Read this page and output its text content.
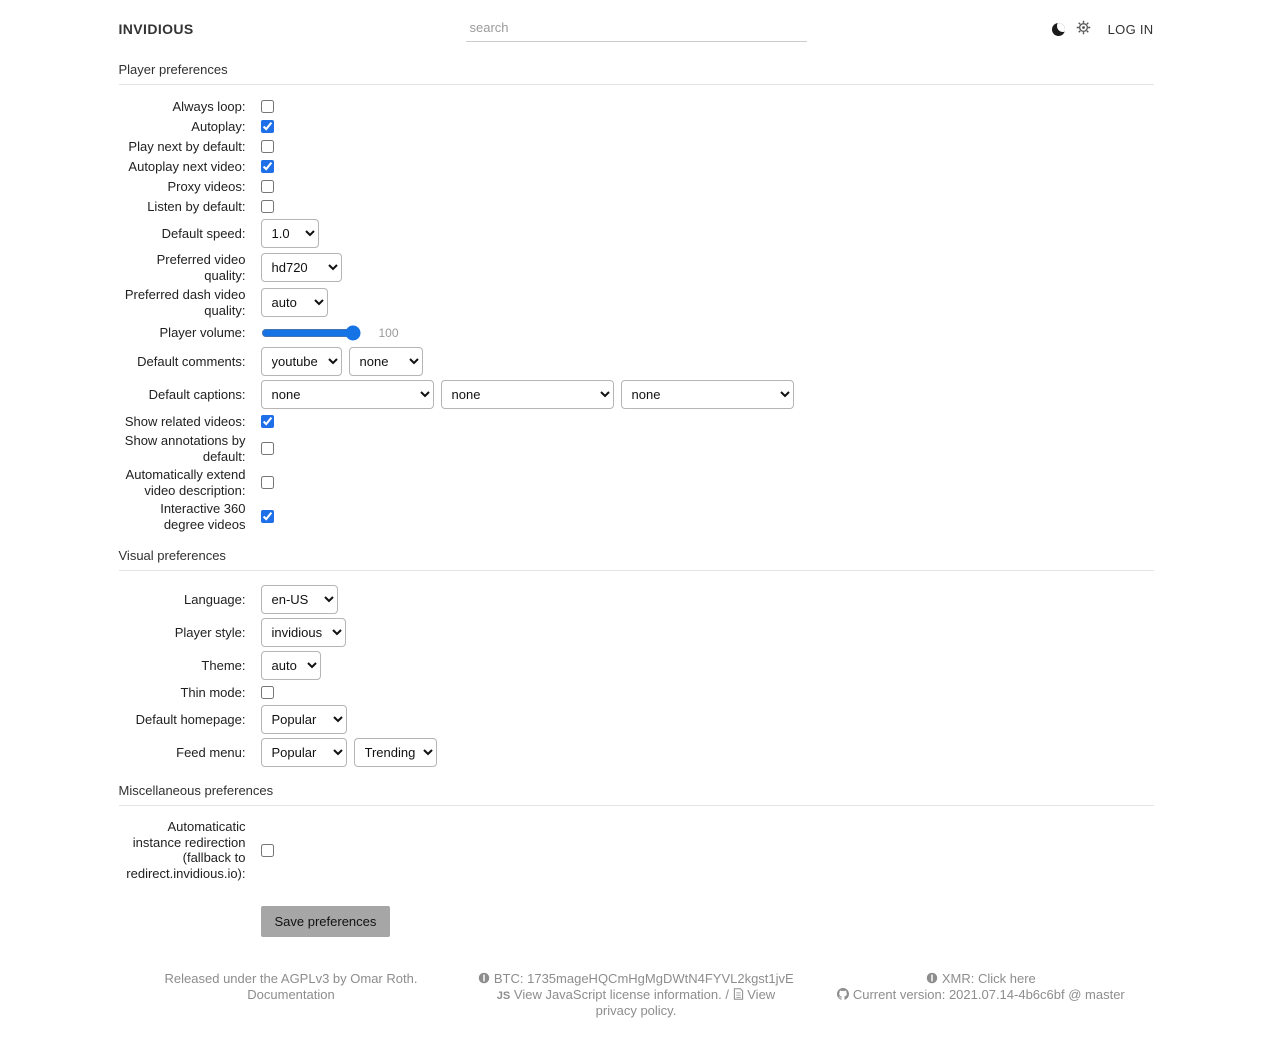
INVIDIOUS
search	LOG IN
Player preferences
Always loop:
Autoplay:
Play next by default:
Autoplay next video:
Proxy videos:
Listen by default:
Default speed:
1.0
Preferred video quality:
hd720
Preferred dash video quality:
auto
Player volume:	100
Default comments:
youtube
none
Default captions:
none
none
none
Show related videos:
Show annotations by default:
Automatically extend video description:
Interactive 360 degree videos
Visual preferences
Language:
en-US
Player style:
invidious
Theme:
auto
Thin mode:
Default homepage:
Popular
Feed menu:
Popular
Trending
Miscellaneous preferences
Automaticatic instance redirection (fallback to redirect.invidious.io):
Save preferences
Released under the AGPLv3 by Omar Roth.
Documentation
BTC: 1735mageHQCmHgMgDWtN4FYVL2kgst1jvE
JS View JavaScript license information. / View privacy policy.
XMR: Click here

Current version: 2021.07.14-4b6c6bf @ master
